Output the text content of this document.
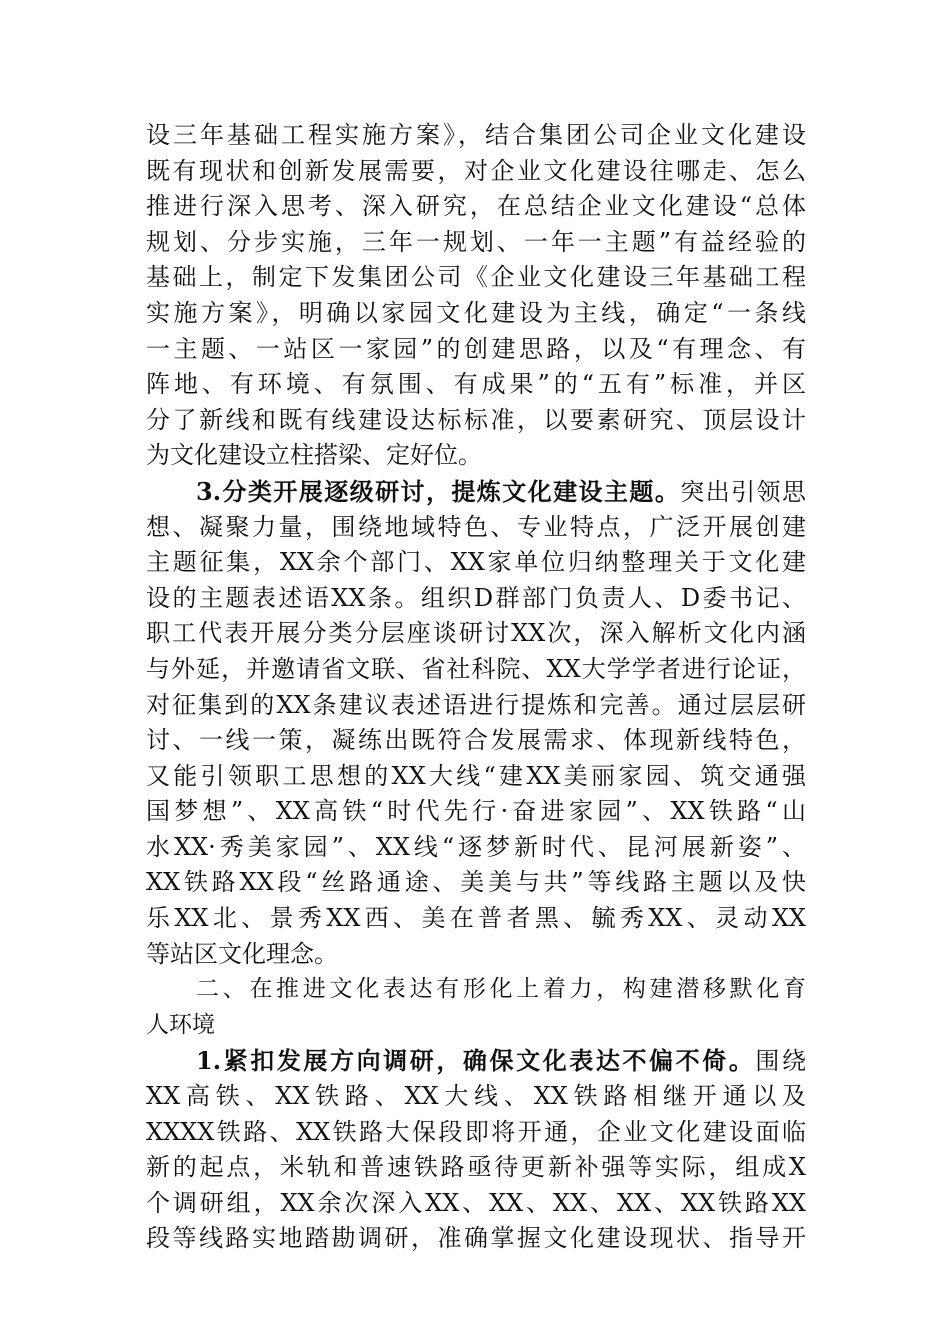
设三年基础工程实施方案》，结合集团公司企业文化建设
既有现状和创新发展需要，对企业文化建设往哪走、怎么
推进行深入思考、深入研究，在总结企业文化建设“总体
规划、分步实施，三年一规划、一年一主题”有益经验的
基础上，制定下发集团公司《企业文化建设三年基础工程
实施方案》，明确以家园文化建设为主线，确定“一条线
一主题、一站区一家园”的创建思路，以及“有理念、有
阵地、有环境、有氛围、有成果”的“五有”标准，并区
分了新线和既有线建设达标标准，以要素研究、顶层设计
为文化建设立柱搭梁、定好位。
3.分类开展逐级研讨，提炼文化建设主题。突出引领思
想、凝聚力量，围绕地域特色、专业特点，广泛开展创建
主题征集，XX余个部门、XX家单位归纳整理关于文化建
设的主题表述语XX条。组织D群部门负责人、D委书记、
职工代表开展分类分层座谈研讨XX次，深入解析文化内涵
与外延，并邀请省文联、省社科院、XX大学学者进行论证，
对征集到的XX条建议表述语进行提炼和完善。通过层层研
讨、一线一策，凝练出既符合发展需求、体现新线特色，
又能引领职工思想的XX大线“建XX美丽家园、筑交通强
国梦想”、XX高铁“时代先行·奋进家园”、XX铁路“山
水XX·秀美家园”、XX线“逐梦新时代、昆河展新姿”、
XX铁路XX段“丝路通途、美美与共”等线路主题以及快
乐XX北、景秀XX西、美在普者黑、毓秀XX、灵动XX
等站区文化理念。
二、在推进文化表达有形化上着力，构建潜移默化育
人环境
1.紧扣发展方向调研，确保文化表达不偏不倚。围绕
XX高铁、XX铁路、XX大线、XX铁路相继开通以及
XXXX铁路、XX铁路大保段即将开通，企业文化建设面临
新的起点，米轨和普速铁路亟待更新补强等实际，组成X
个调研组，XX余次深入XX、XX、XX、XX、XX铁路XX
段等线路实地踏勘调研，准确掌握文化建设现状、指导开
